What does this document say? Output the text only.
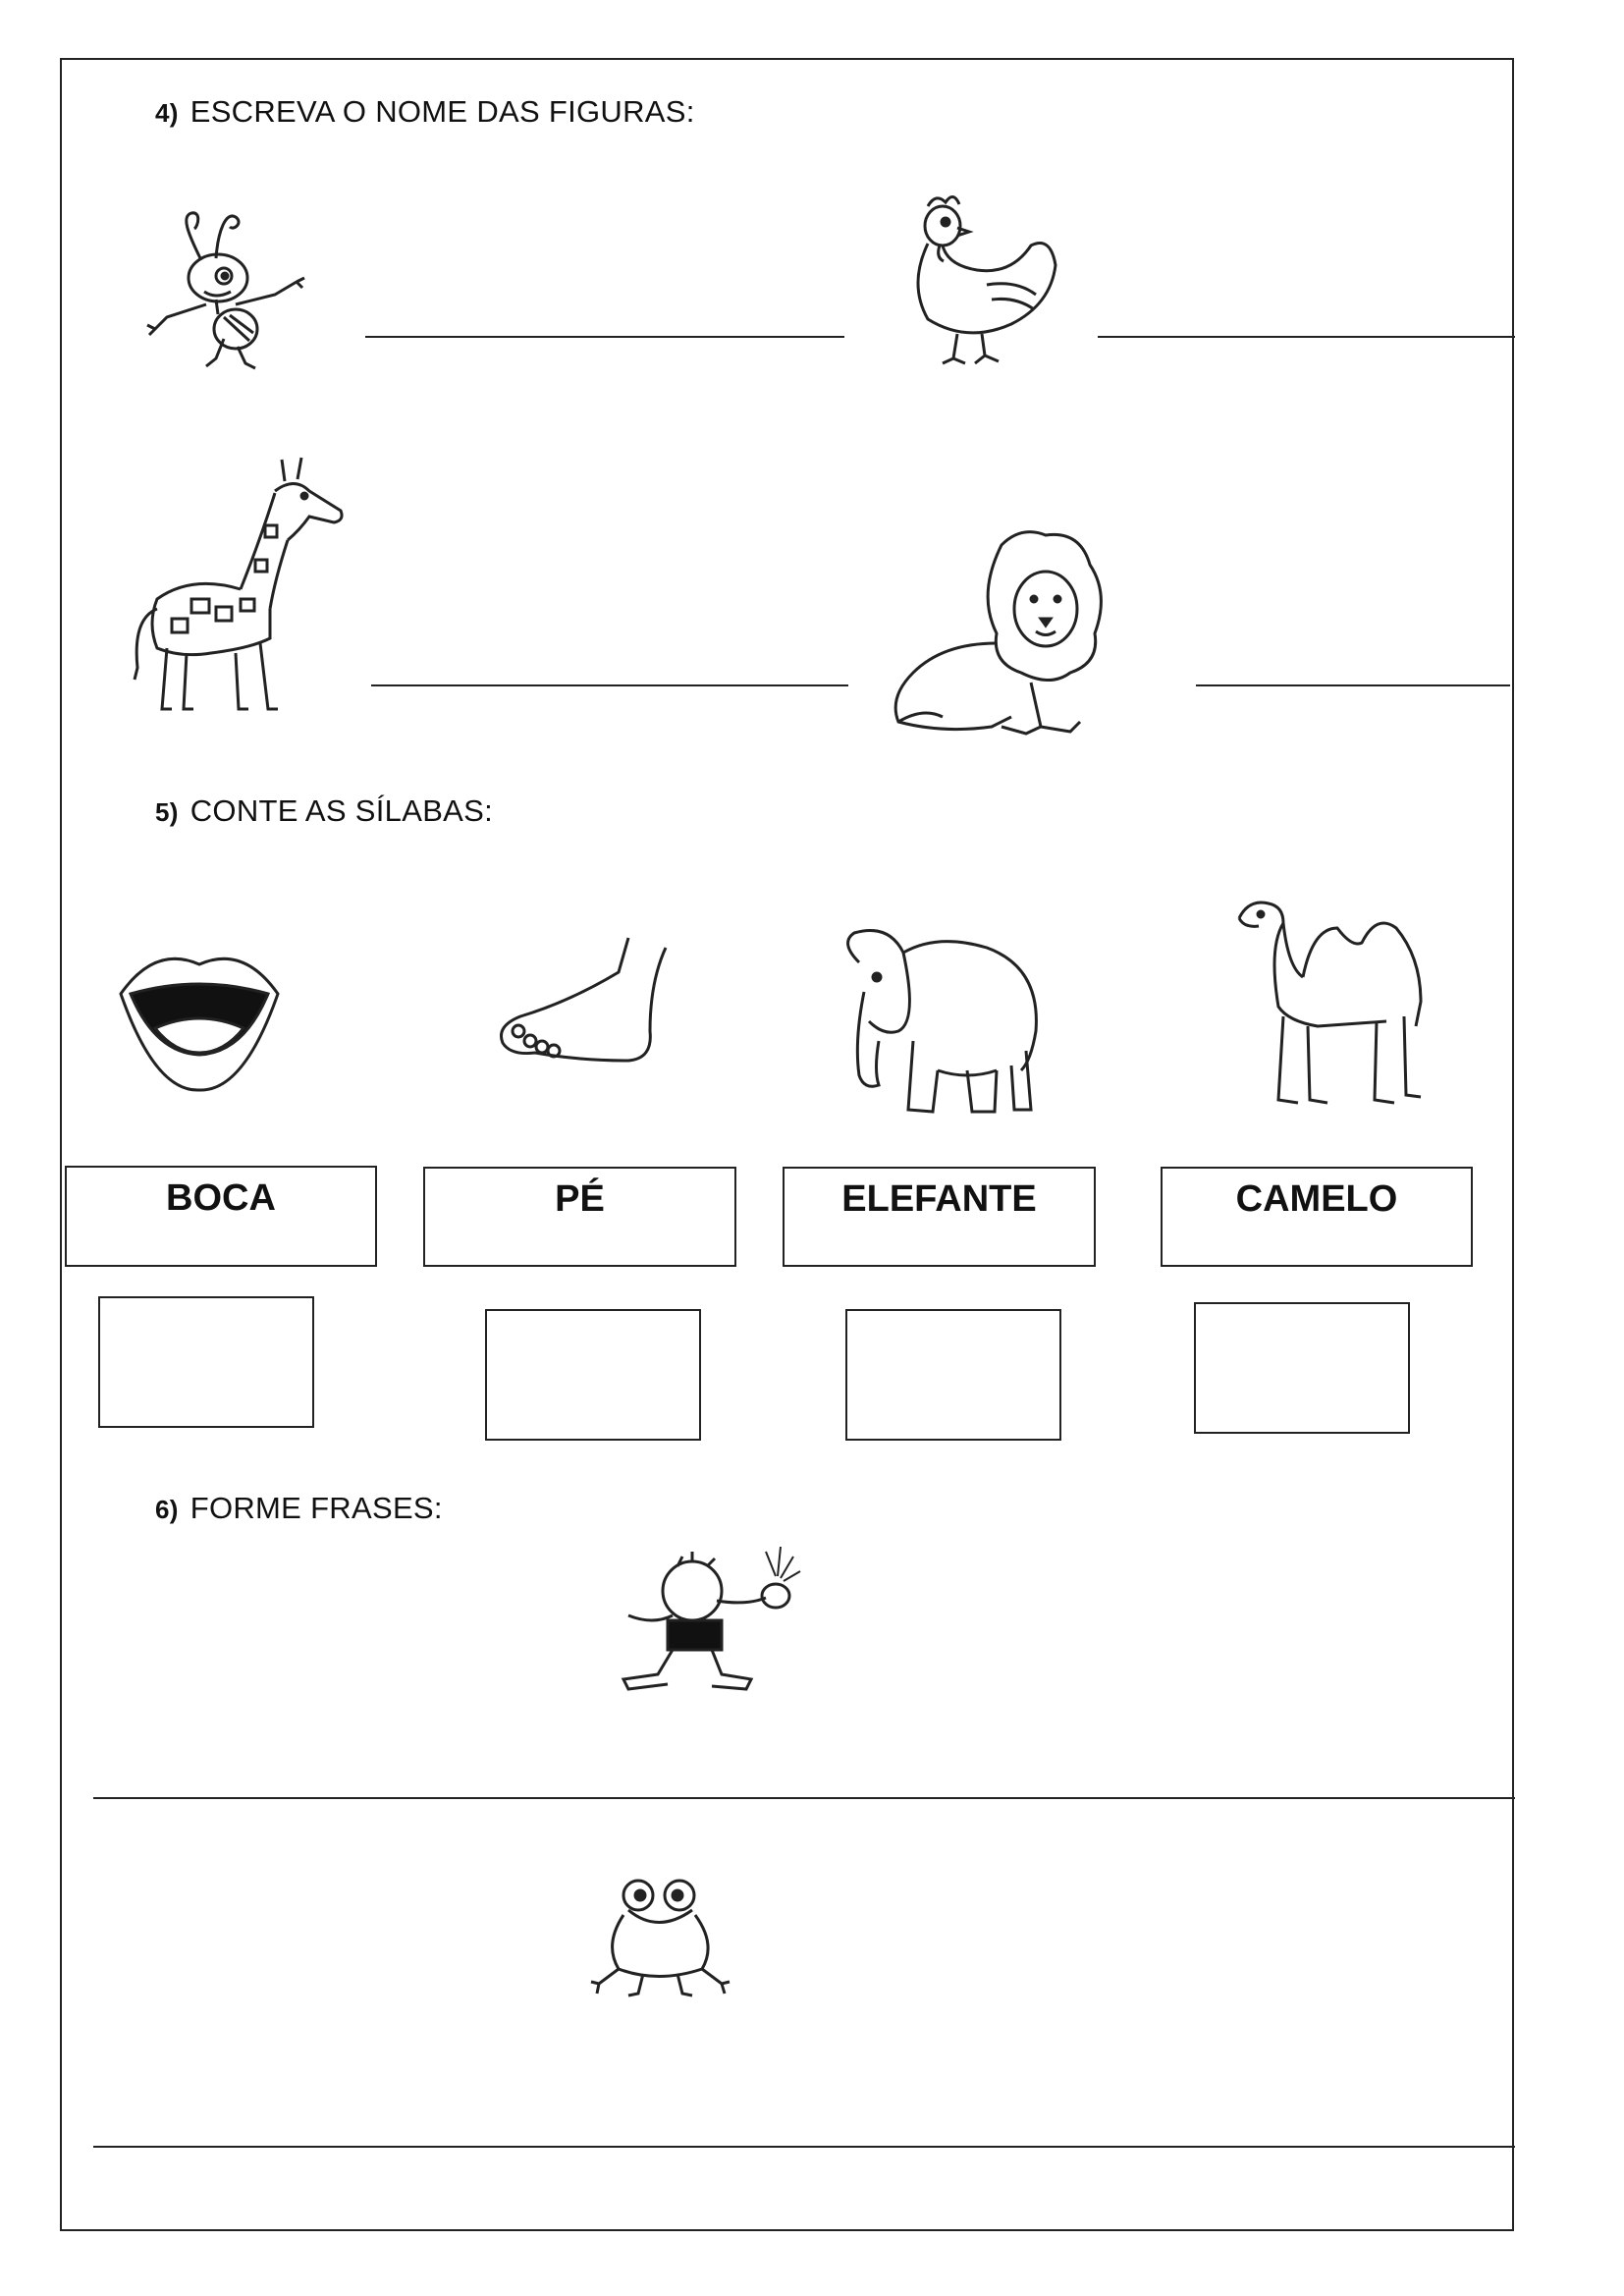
4) ESCREVA O NOME DAS FIGURAS:
5) CONTE AS SÍLABAS:
BOCA	PÉ	ELEFANTE	CAMELO
6) FORME FRASES:
